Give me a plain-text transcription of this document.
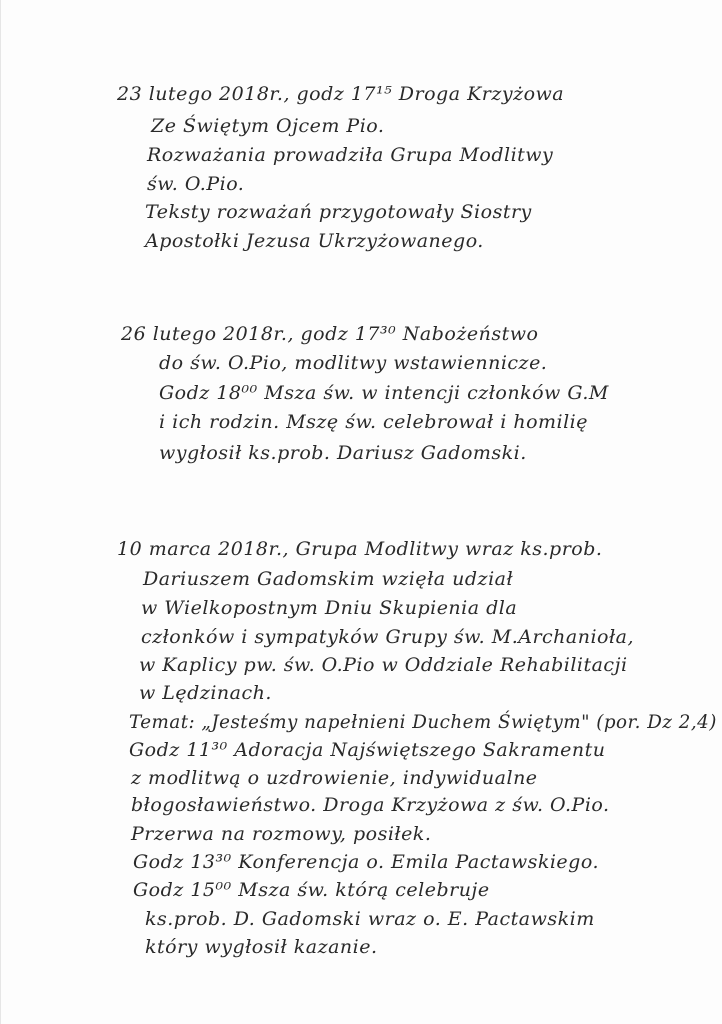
23 lutego 2018r., godz 17¹⁵ Droga Krzyżowa
Ze Świętym Ojcem Pio.
Rozważania prowadziła Grupa Modlitwy
św. O.Pio.
Teksty rozważań przygotowały Siostry
Apostołki Jezusa Ukrzyżowanego.
26 lutego 2018r., godz 17³⁰ Nabożeństwo
do św. O.Pio, modlitwy wstawiennicze.
Godz 18⁰⁰ Msza św. w intencji członków G.M
i ich rodzin. Mszę św. celebrował i homilię
wygłosił ks.prob. Dariusz Gadomski.
10 marca 2018r., Grupa Modlitwy wraz ks.prob.
Dariuszem Gadomskim wzięła udział
w Wielkopostnym Dniu Skupienia dla
członków i sympatyków Grupy św. M.Archanioła,
w Kaplicy pw. św. O.Pio w Oddziale Rehabilitacji
w Lędzinach.
Temat: „Jesteśmy napełnieni Duchem Świętym" (por. Dz 2,4)
Godz 11³⁰ Adoracja Najświętszego Sakramentu
z modlitwą o uzdrowienie, indywidualne
błogosławieństwo. Droga Krzyżowa z św. O.Pio.
Przerwa na rozmowy, posiłek.
Godz 13³⁰ Konferencja o. Emila Pactawskiego.
Godz 15⁰⁰ Msza św. którą celebruje
ks.prob. D. Gadomski wraz o. E. Pactawskim
który wygłosił kazanie.
